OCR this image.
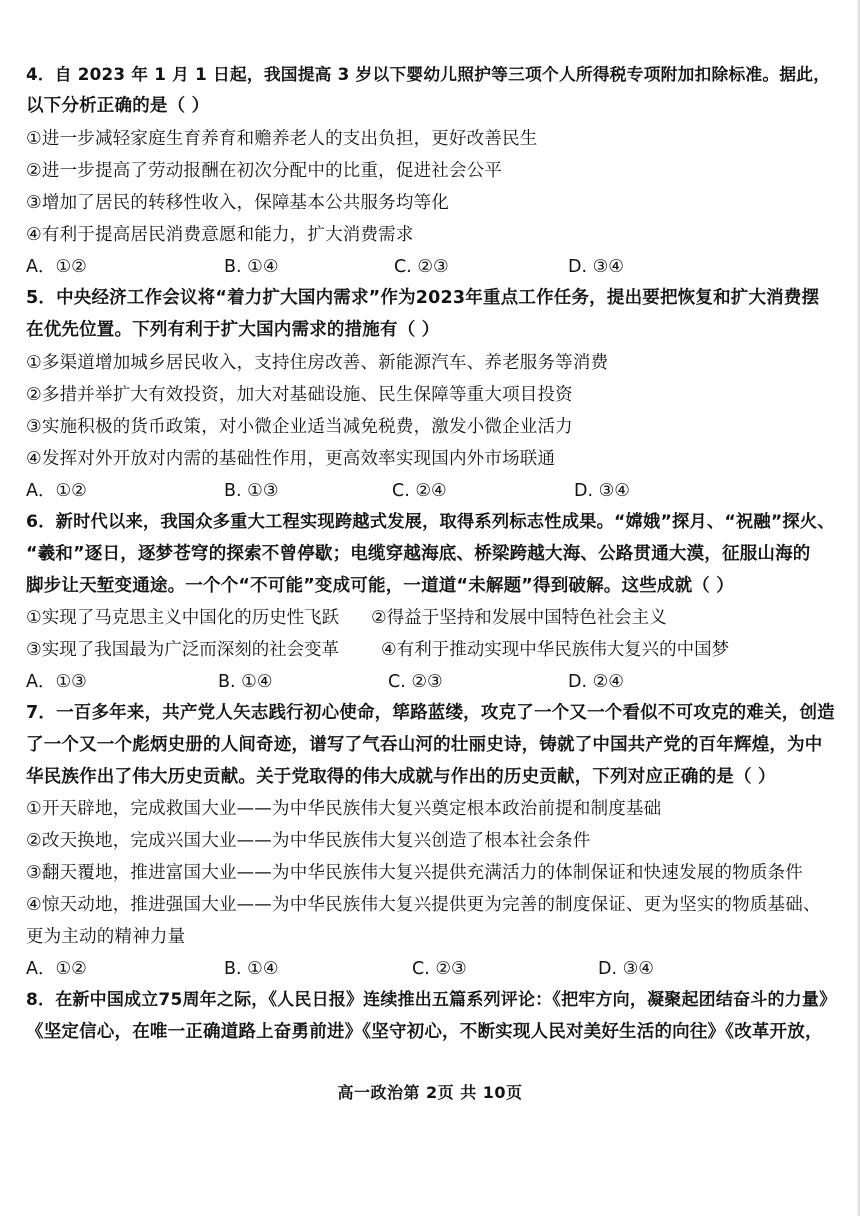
4．自 2023 年 1 月 1 日起，我国提高 3 岁以下婴幼儿照护等三项个人所得税专项附加扣除标准。据此，
以下分析正确的是（ ）
①进一步减轻家庭生育养育和赡养老人的支出负担，更好改善民生
②进一步提高了劳动报酬在初次分配中的比重，促进社会公平
③增加了居民的转移性收入，保障基本公共服务均等化
④有利于提高居民消费意愿和能力，扩大消费需求
A．①②	B. ①④	C. ②③	D. ③④
5．中央经济工作会议将“着力扩大国内需求”作为2023年重点工作任务，提出要把恢复和扩大消费摆
在优先位置。下列有利于扩大国内需求的措施有（ ）
①多渠道增加城乡居民收入，支持住房改善、新能源汽车、养老服务等消费
②多措并举扩大有效投资，加大对基础设施、民生保障等重大项目投资
③实施积极的货币政策，对小微企业适当减免税费，激发小微企业活力
④发挥对外开放对内需的基础性作用，更高效率实现国内外市场联通
A．①②	B. ①③	C. ②④	D. ③④
6．新时代以来，我国众多重大工程实现跨越式发展，取得系列标志性成果。“嫦娥”探月、“祝融”探火、
“羲和”逐日，逐梦苍穹的探索不曾停歇；电缆穿越海底、桥梁跨越大海、公路贯通大漠，征服山海的
脚步让天堑变通途。一个个“不可能”变成可能，一道道“未解题”得到破解。这些成就（ ）
①实现了马克思主义中国化的历史性飞跃 ②得益于坚持和发展中国特色社会主义
③实现了我国最为广泛而深刻的社会变革 ④有利于推动实现中华民族伟大复兴的中国梦
A．①③	B. ①④	C. ②③	D. ②④
7．一百多年来，共产党人矢志践行初心使命，筚路蓝缕，攻克了一个又一个看似不可攻克的难关，创造
了一个又一个彪炳史册的人间奇迹，谱写了气吞山河的壮丽史诗，铸就了中国共产党的百年辉煌，为中
华民族作出了伟大历史贡献。关于党取得的伟大成就与作出的历史贡献，下列对应正确的是（ ）
①开天辟地，完成救国大业——为中华民族伟大复兴奠定根本政治前提和制度基础
②改天换地，完成兴国大业——为中华民族伟大复兴创造了根本社会条件
③翻天覆地，推进富国大业——为中华民族伟大复兴提供充满活力的体制保证和快速发展的物质条件
④惊天动地，推进强国大业——为中华民族伟大复兴提供更为完善的制度保证、更为坚实的物质基础、
更为主动的精神力量
A．①②	B. ①④	C. ②③	D. ③④
8．在新中国成立75周年之际，《人民日报》连续推出五篇系列评论：《把牢方向，凝聚起团结奋斗的力量》
《坚定信心，在唯一正确道路上奋勇前进》《坚守初心，不断实现人民对美好生活的向往》《改革开放，
高一政治第 2页 共 10页
